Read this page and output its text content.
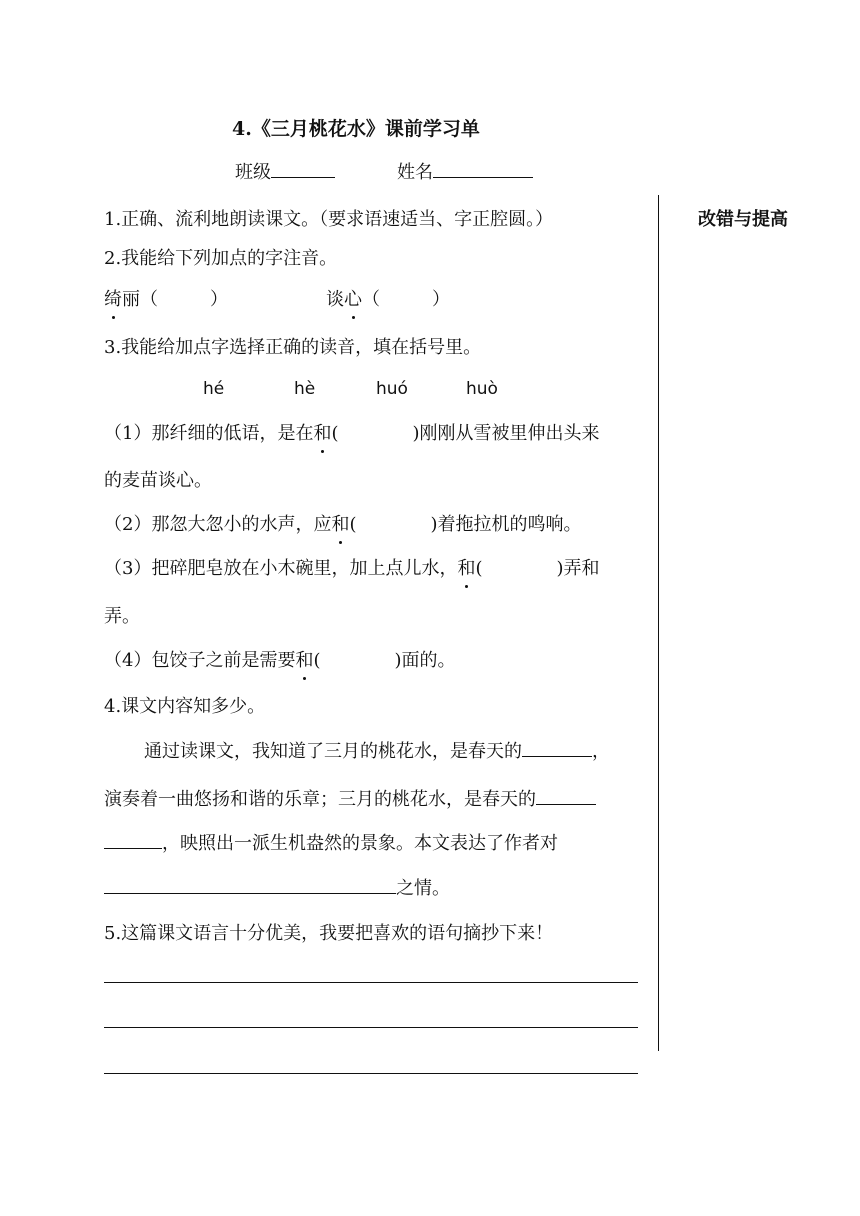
4.《三月桃花水》课前学习单
班级	姓名
改错与提高
1.正确、流利地朗读课文。（要求语速适当、字正腔圆。）
2.我能给下列加点的字注音。
绮丽（	）	谈心（	）
3.我能给加点字选择正确的读音，填在括号里。
hé	hè	huó	huò
（1）那纤细的低语，是在和(	)刚刚从雪被里伸出头来
的麦苗谈心。
（2）那忽大忽小的水声，应和(	)着拖拉机的鸣响。
（3）把碎肥皂放在小木碗里，加上点儿水，和(	)弄和
弄。
（4）包饺子之前是需要和(	)面的。
4.课文内容知多少。
通过读课文，我知道了三月的桃花水，是春天的	，
演奏着一曲悠扬和谐的乐章；三月的桃花水，是春天的
，映照出一派生机盎然的景象。本文表达了作者对
之情。
5.这篇课文语言十分优美，我要把喜欢的语句摘抄下来！
